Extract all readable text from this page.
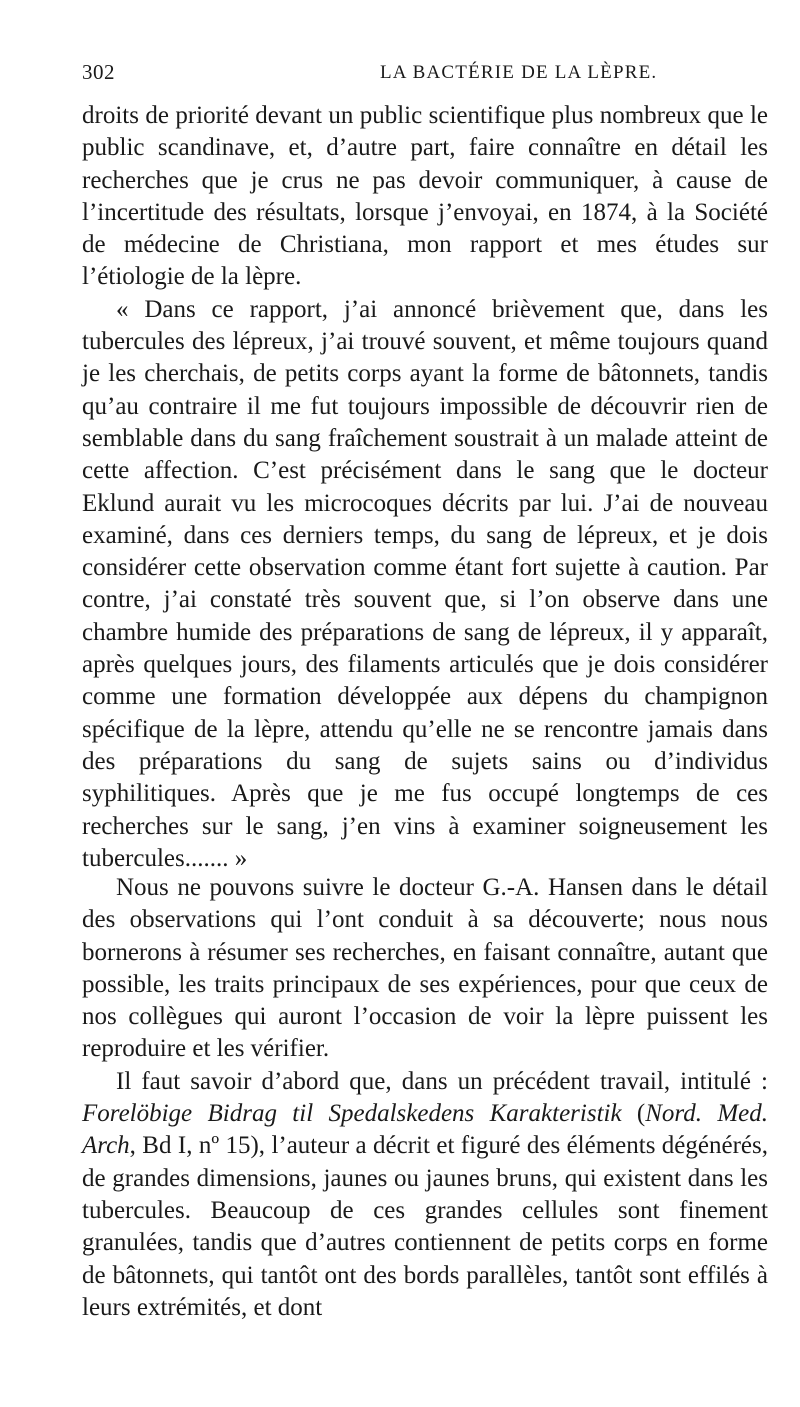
302	LA BACTÉRIE DE LA LÈPRE.

droits de priorité devant un public scientifique plus nombreux que le public scandinave, et, d’autre part, faire connaître en détail les recherches que je crus ne pas devoir communiquer, à cause de l’incertitude des résultats, lorsque j’envoyai, en 1874, à la Société de médecine de Christiana, mon rapport et mes études sur l’étiologie de la lèpre.

« Dans ce rapport, j’ai annoncé brièvement que, dans les tubercules des lépreux, j’ai trouvé souvent, et même toujours quand je les cherchais, de petits corps ayant la forme de bâtonnets, tandis qu’au contraire il me fut toujours impossible de découvrir rien de semblable dans du sang fraîchement soustrait à un malade atteint de cette affection. C’est précisément dans le sang que le docteur Eklund aurait vu les microcoques décrits par lui. J’ai de nouveau examiné, dans ces derniers temps, du sang de lépreux, et je dois considérer cette observation comme étant fort sujette à caution. Par contre, j’ai constaté très souvent que, si l’on observe dans une chambre humide des préparations de sang de lépreux, il y apparaît, après quelques jours, des filaments articulés que je dois considérer comme une formation développée aux dépens du champignon spécifique de la lèpre, attendu qu’elle ne se rencontre jamais dans des préparations du sang de sujets sains ou d’individus syphilitiques. Après que je me fus occupé longtemps de ces recherches sur le sang, j’en vins à examiner soigneusement les tubercules....... »

Nous ne pouvons suivre le docteur G.-A. Hansen dans le détail des observations qui l’ont conduit à sa découverte; nous nous bornerons à résumer ses recherches, en faisant connaître, autant que possible, les traits principaux de ses expériences, pour que ceux de nos collègues qui auront l’occasion de voir la lèpre puissent les reproduire et les vérifier.

Il faut savoir d’abord que, dans un précédent travail, intitulé : Forelöbige Bidrag til Spedalskedens Karakteristik (Nord. Med. Arch, Bd I, nº 15), l’auteur a décrit et figuré des éléments dégénérés, de grandes dimensions, jaunes ou jaunes bruns, qui existent dans les tubercules. Beaucoup de ces grandes cellules sont finement granulées, tandis que d’autres contiennent de petits corps en forme de bâtonnets, qui tantôt ont des bords parallèles, tantôt sont effilés à leurs extrémités, et dont
